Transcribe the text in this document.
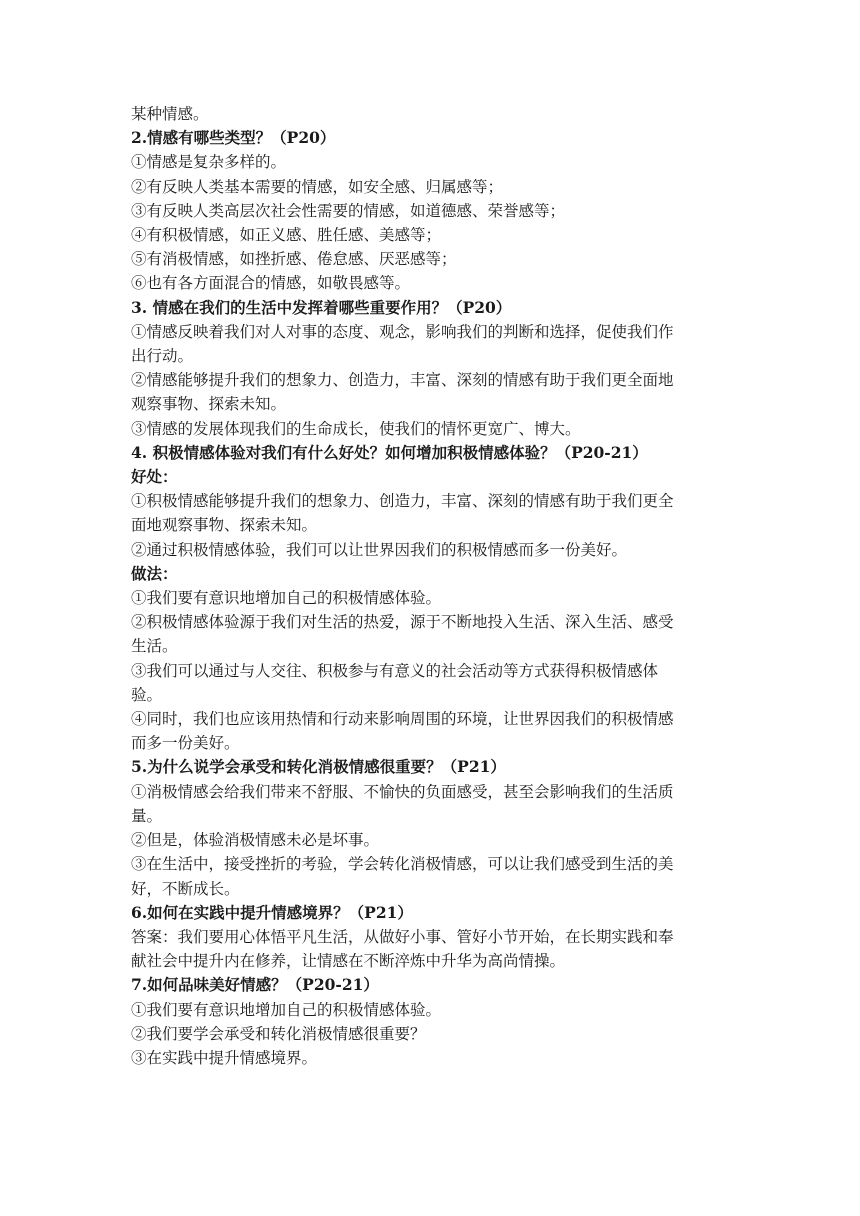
某种情感。
2.情感有哪些类型？（P20）
①情感是复杂多样的。
②有反映人类基本需要的情感，如安全感、归属感等；
③有反映人类高层次社会性需要的情感，如道德感、荣誉感等；
④有积极情感，如正义感、胜任感、美感等；
⑤有消极情感，如挫折感、倦怠感、厌恶感等；
⑥也有各方面混合的情感，如敬畏感等。
3. 情感在我们的生活中发挥着哪些重要作用？（P20）
①情感反映着我们对人对事的态度、观念，影响我们的判断和选择，促使我们作
出行动。
②情感能够提升我们的想象力、创造力，丰富、深刻的情感有助于我们更全面地
观察事物、探索未知。
③情感的发展体现我们的生命成长，使我们的情怀更宽广、博大。
4. 积极情感体验对我们有什么好处？如何增加积极情感体验？（P20-21）
好处：
①积极情感能够提升我们的想象力、创造力，丰富、深刻的情感有助于我们更全
面地观察事物、探索未知。
②通过积极情感体验，我们可以让世界因我们的积极情感而多一份美好。
做法：
①我们要有意识地增加自己的积极情感体验。
②积极情感体验源于我们对生活的热爱，源于不断地投入生活、深入生活、感受
生活。
③我们可以通过与人交往、积极参与有意义的社会活动等方式获得积极情感体
验。
④同时，我们也应该用热情和行动来影响周围的环境，让世界因我们的积极情感
而多一份美好。
5.为什么说学会承受和转化消极情感很重要？（P21）
①消极情感会给我们带来不舒服、不愉快的负面感受，甚至会影响我们的生活质
量。
②但是，体验消极情感未必是坏事。
③在生活中，接受挫折的考验，学会转化消极情感，可以让我们感受到生活的美
好，不断成长。
6.如何在实践中提升情感境界？（P21）
答案：我们要用心体悟平凡生活，从做好小事、管好小节开始，在长期实践和奉
献社会中提升内在修养，让情感在不断淬炼中升华为高尚情操。
7.如何品味美好情感？（P20-21）
①我们要有意识地增加自己的积极情感体验。
②我们要学会承受和转化消极情感很重要？
③在实践中提升情感境界。
